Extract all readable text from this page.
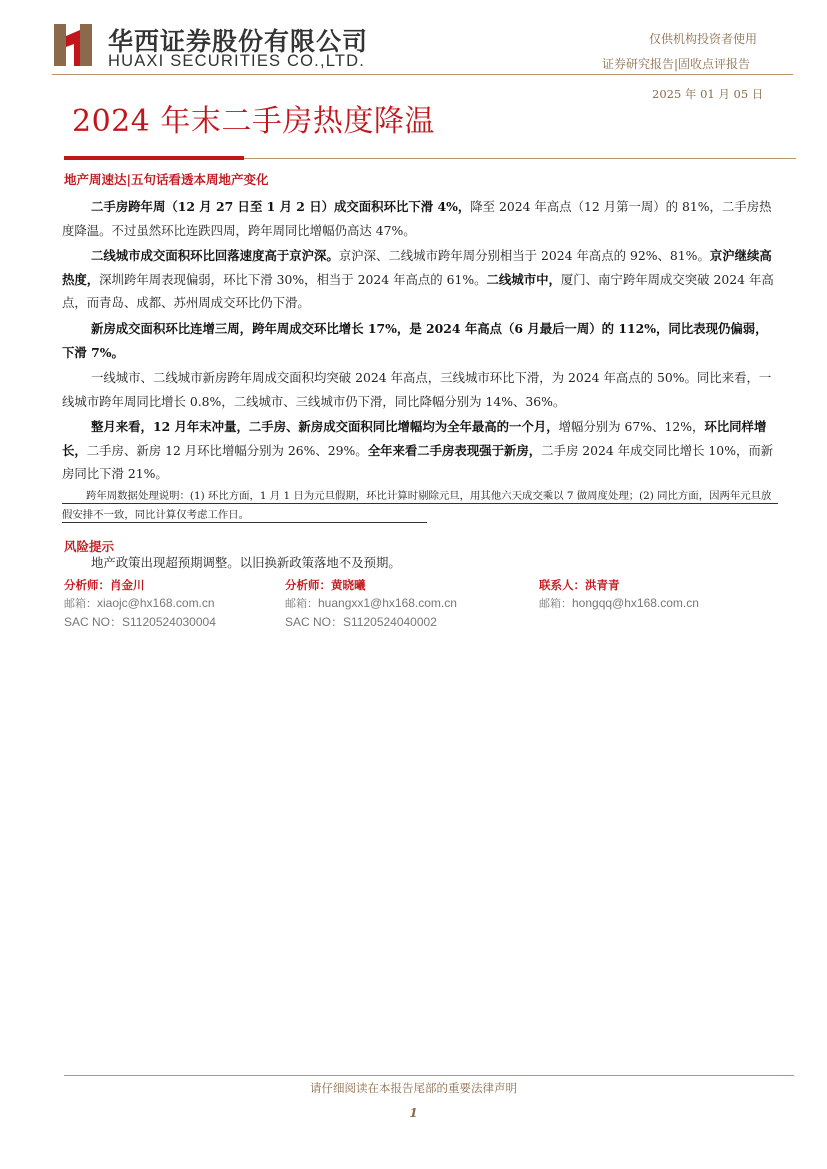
华西证券股份有限公司
HUAXI SECURITIES CO.,LTD.
仅供机构投资者使用
证券研究报告|固收点评报告
2025 年 01 月 05 日
2024 年末二手房热度降温
地产周速达|五句话看透本周地产变化

二手房跨年周（12 月 27 日至 1 月 2 日）成交面积环比下滑 4%，降至 2024 年高点（12 月第一周）的 81%，二手房热度降温。不过虽然环比连跌四周，跨年周同比增幅仍高达 47%。

二线城市成交面积环比回落速度高于京沪深。京沪深、二线城市跨年周分别相当于 2024 年高点的 92%、81%。京沪继续高热度，深圳跨年周表现偏弱，环比下滑 30%，相当于 2024 年高点的 61%。二线城市中，厦门、南宁跨年周成交突破 2024 年高点，而青岛、成都、苏州周成交环比仍下滑。

新房成交面积环比连增三周，跨年周成交环比增长 17%，是 2024 年高点（6 月最后一周）的 112%，同比表现仍偏弱，下滑 7%。

一线城市、二线城市新房跨年周成交面积均突破 2024 年高点，三线城市环比下滑，为 2024 年高点的 50%。同比来看，一线城市跨年周同比增长 0.8%，二线城市、三线城市仍下滑，同比降幅分别为 14%、36%。

整月来看，12 月年末冲量，二手房、新房成交面积同比增幅均为全年最高的一个月，增幅分别为 67%、12%，环比同样增长，二手房、新房 12 月环比增幅分别为 26%、29%。全年来看二手房表现强于新房，二手房 2024 年成交同比增长 10%，而新房同比下滑 21%。

跨年周数据处理说明：(1) 环比方面，1 月 1 日为元旦假期，环比计算时剔除元旦，用其他六天成交乘以 7 做周度处理；(2) 同比方面，因两年元旦放假安排不一致，同比计算仅考虑工作日。
风险提示

地产政策出现超预期调整。以旧换新政策落地不及预期。

分析师：肖金川
邮箱：xiaojc@hx168.com.cn
SAC NO：S1120524030004
分析师：黄晓曦
邮箱：huangxx1@hx168.com.cn
SAC NO：S1120524040002
联系人：洪青青
邮箱：hongqq@hx168.com.cn
请仔细阅读在本报告尾部的重要法律声明
1
